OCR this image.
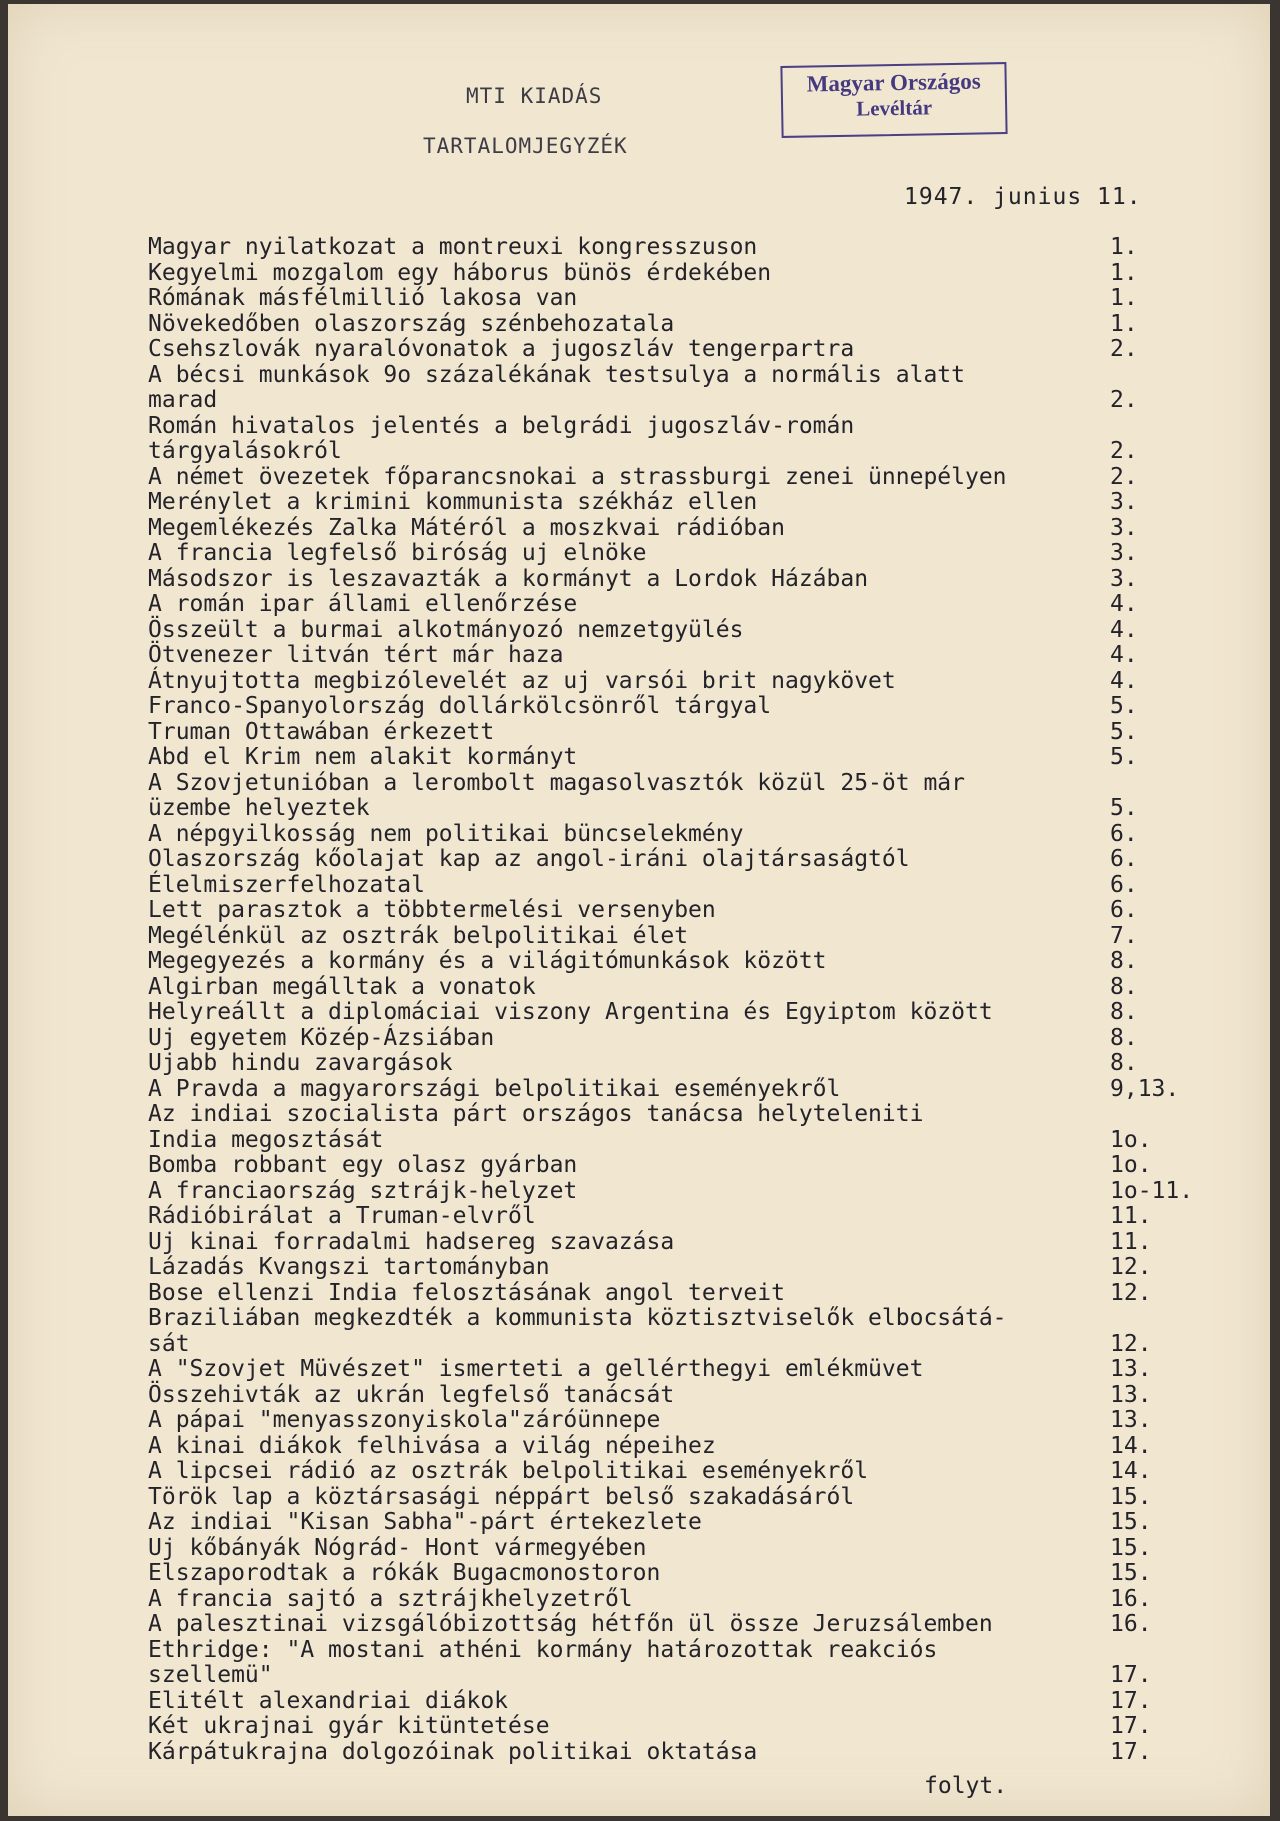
MTI KIADÁS
TARTALOMJEGYZÉK
Magyar Országos
Levéltár
1947. junius 11.
Magyar nyilatkozat a montreuxi kongresszuson	1.
Kegyelmi mozgalom egy háborus bünös érdekében	1.
Rómának másfélmillió lakosa van	1.
Növekedőben olaszország szénbehozatala	1.
Csehszlovák nyaralóvonatok a jugoszláv tengerpartra	2.
A bécsi munkások 9o százalékának testsulya a normális alatt
marad	2.
Román hivatalos jelentés a belgrádi jugoszláv-román
tárgyalásokról	2.
A német övezetek főparancsnokai a strassburgi zenei ünnepélyen	2.
Merénylet a krimini kommunista székház ellen	3.
Megemlékezés Zalka Mátéról a moszkvai rádióban	3.
A francia legfelső biróság uj elnöke	3.
Másodszor is leszavazták a kormányt a Lordok Házában	3.
A román ipar állami ellenőrzése	4.
Összeült a burmai alkotmányozó nemzetgyülés	4.
Ötvenezer litván tért már haza	4.
Átnyujtotta megbizólevelét az uj varsói brit nagykövet	4.
Franco-Spanyolország dollárkölcsönről tárgyal	5.
Truman Ottawában érkezett	5.
Abd el Krim nem alakit kormányt	5.
A Szovjetunióban a lerombolt magasolvasztók közül 25-öt már
üzembe helyeztek	5.
A népgyilkosság nem politikai büncselekmény	6.
Olaszország kőolajat kap az angol-iráni olajtársaságtól	6.
Élelmiszerfelhozatal	6.
Lett parasztok a többtermelési versenyben	6.
Megélénkül az osztrák belpolitikai élet	7.
Megegyezés a kormány és a világitómunkások között	8.
Algirban megálltak a vonatok	8.
Helyreállt a diplomáciai viszony Argentina és Egyiptom között	8.
Uj egyetem Közép-Ázsiában	8.
Ujabb hindu zavargások	8.
A Pravda a magyarországi belpolitikai eseményekről	9,13.
Az indiai szocialista párt országos tanácsa helyteleniti
India megosztását	1o.
Bomba robbant egy olasz gyárban	1o.
A franciaország sztrájk-helyzet	1o-11.
Rádióbirálat a Truman-elvről	11.
Uj kinai forradalmi hadsereg szavazása	11.
Lázadás Kvangszi tartományban	12.
Bose ellenzi India felosztásának angol terveit	12.
Braziliában megkezdték a kommunista köztisztviselők elbocsátá-
sát	12.
A "Szovjet Müvészet" ismerteti a gellérthegyi emlékmüvet	13.
Összehivták az ukrán legfelső tanácsát	13.
A pápai "menyasszonyiskola"záróünnepe	13.
A kinai diákok felhivása a világ népeihez	14.
A lipcsei rádió az osztrák belpolitikai eseményekről	14.
Török lap a köztársasági néppárt belső szakadásáról	15.
Az indiai "Kisan Sabha"-párt értekezlete	15.
Uj kőbányák Nógrád- Hont vármegyében	15.
Elszaporodtak a rókák Bugacmonostoron	15.
A francia sajtó a sztrájkhelyzetről	16.
A palesztinai vizsgálóbizottság hétfőn ül össze Jeruzsálemben	16.
Ethridge: "A mostani athéni kormány határozottak reakciós
szellemü"	17.
Elitélt alexandriai diákok	17.
Két ukrajnai gyár kitüntetése	17.
Kárpátukrajna dolgozóinak politikai oktatása	17.
folyt.
